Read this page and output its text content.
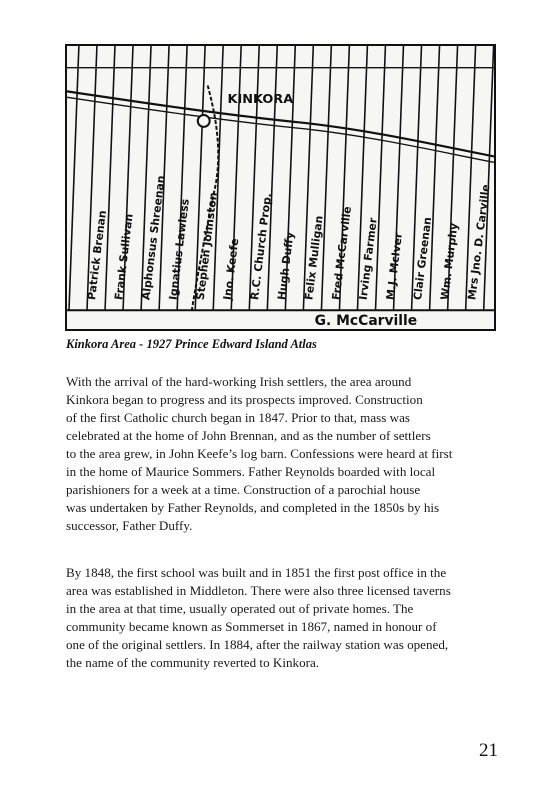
KINKORA
Patrick Brenan Frank Sullivan Alphonsus Shreenan
Ignatius Lawless Stephen Johnston Jno. Keefe R.C. Church Prop. Hugh Duffy Felix Mulligan Fred McCarville Irving Farmer M.J. McIver Clair Greenan Wm. Murphy Mrs Jno. D. Carville
G. McCarville
Kinkora Area - 1927 Prince Edward Island Atlas
With the arrival of the hard-working Irish settlers, the area around
Kinkora began to progress and its prospects improved. Construction
of the first Catholic church began in 1847. Prior to that, mass was
celebrated at the home of John Brennan, and as the number of settlers
to the area grew, in John Keefe’s log barn. Confessions were heard at first
in the home of Maurice Sommers. Father Reynolds boarded with local
parishioners for a week at a time. Construction of a parochial house
was undertaken by Father Reynolds, and completed in the 1850s by his
successor, Father Duffy.
By 1848, the first school was built and in 1851 the first post office in the
area was established in Middleton. There were also three licensed taverns
in the area at that time, usually operated out of private homes. The
community became known as Sommerset in 1867, named in honour of
one of the original settlers. In 1884, after the railway station was opened,
the name of the community reverted to Kinkora.
21
